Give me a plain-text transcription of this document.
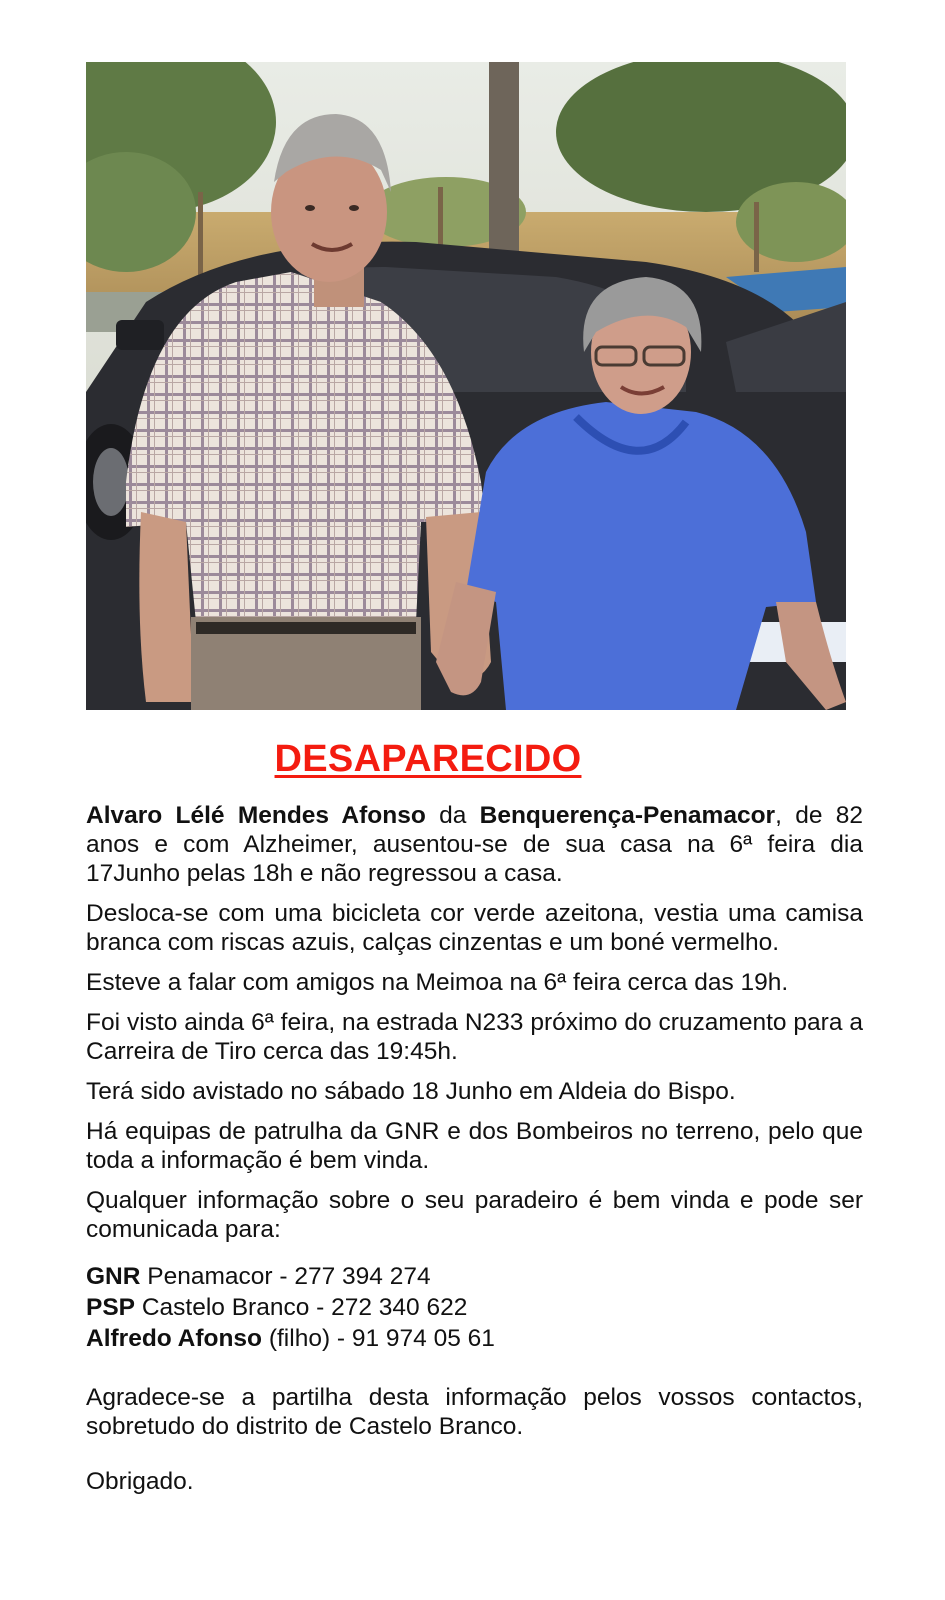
DESAPARECIDO

Alvaro Lélé Mendes Afonso da Benquerença-Penamacor, de 82 anos e com Alzheimer, ausentou-se de sua casa na 6ª feira dia 17Junho pelas 18h e não regressou a casa.

Desloca-se com uma bicicleta cor verde azeitona, vestia uma camisa branca com riscas azuis, calças cinzentas e um boné vermelho.

Esteve a falar com amigos na Meimoa na 6ª feira cerca das 19h.

Foi visto ainda 6ª feira, na estrada N233 próximo do cruzamento para a Carreira de Tiro cerca das 19:45h.

Terá sido avistado no sábado 18 Junho em Aldeia do Bispo.

Há equipas de patrulha da GNR e dos Bombeiros no terreno, pelo que toda a informação é bem vinda.

Qualquer informação sobre o seu paradeiro é bem vinda e pode ser comunicada para:

GNR Penamacor - 277 394 274
PSP Castelo Branco - 272 340 622
Alfredo Afonso (filho) - 91 974 05 61

Agradece-se a partilha desta informação pelos vossos contactos, sobretudo do distrito de Castelo Branco.

Obrigado.
